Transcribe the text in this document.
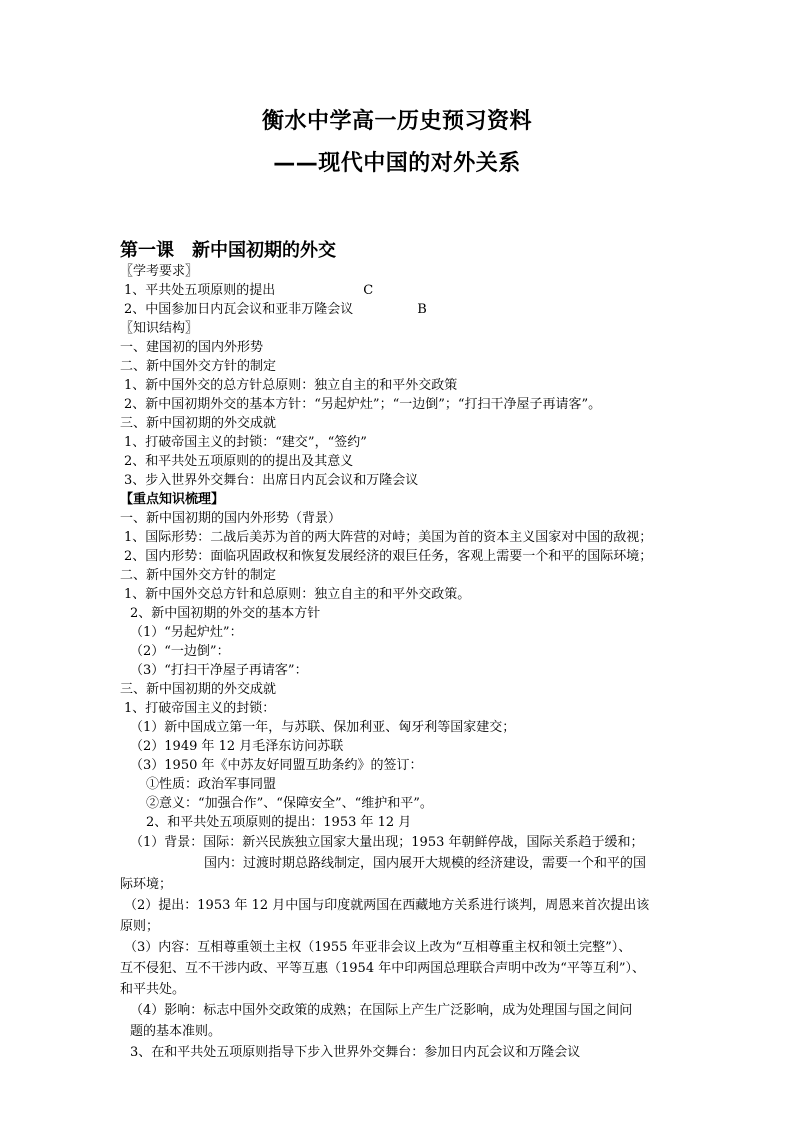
衡水中学高一历史预习资料
——现代中国的对外关系
第一课　新中国初期的外交
〖学考要求〗
1、平共处五项原则的提出	C
2、中国参加日内瓦会议和亚非万隆会议	B
〖知识结构〗
一、建国初的国内外形势
二、新中国外交方针的制定
1、新中国外交的总方针总原则：独立自主的和平外交政策
2、新中国初期外交的基本方针：“另起炉灶”；“一边倒”；“打扫干净屋子再请客”。
三、新中国初期的外交成就
1、打破帝国主义的封锁：“建交”，“签约”
2、和平共处五项原则的的提出及其意义
3、步入世界外交舞台：出席日内瓦会议和万隆会议
【重点知识梳理】
一、新中国初期的国内外形势（背景）
1、国际形势：二战后美苏为首的两大阵营的对峙；美国为首的资本主义国家对中国的敌视；
2、国内形势：面临巩固政权和恢复发展经济的艰巨任务，客观上需要一个和平的国际环境；
二、新中国外交方针的制定
1、新中国外交总方针和总原则：独立自主的和平外交政策。
2、新中国初期的外交的基本方针
（1）“另起炉灶”：
（2）“一边倒”：
（3）“打扫干净屋子再请客”：
三、新中国初期的外交成就
1、打破帝国主义的封锁：
（1）新中国成立第一年，与苏联、保加利亚、匈牙利等国家建交；
（2）1949 年 12 月毛泽东访问苏联
（3）1950 年《中苏友好同盟互助条约》的签订：
①性质：政治军事同盟
②意义：“加强合作”、“保障安全”、“维护和平”。
2、和平共处五项原则的提出：1953 年 12 月
（1）背景：国际：新兴民族独立国家大量出现；1953 年朝鲜停战，国际关系趋于缓和；
国内：过渡时期总路线制定，国内展开大规模的经济建设，需要一个和平的国
际环境；
（2）提出：1953 年 12 月中国与印度就两国在西藏地方关系进行谈判，周恩来首次提出该
原则；
（3）内容：互相尊重领土主权（1955 年亚非会议上改为“互相尊重主权和领土完整”）、
互不侵犯、互不干涉内政、平等互惠（1954 年中印两国总理联合声明中改为“平等互利”）、
和平共处。
（4）影响：标志中国外交政策的成熟；在国际上产生广泛影响，成为处理国与国之间问
题的基本准则。
3、在和平共处五项原则指导下步入世界外交舞台：参加日内瓦会议和万隆会议
